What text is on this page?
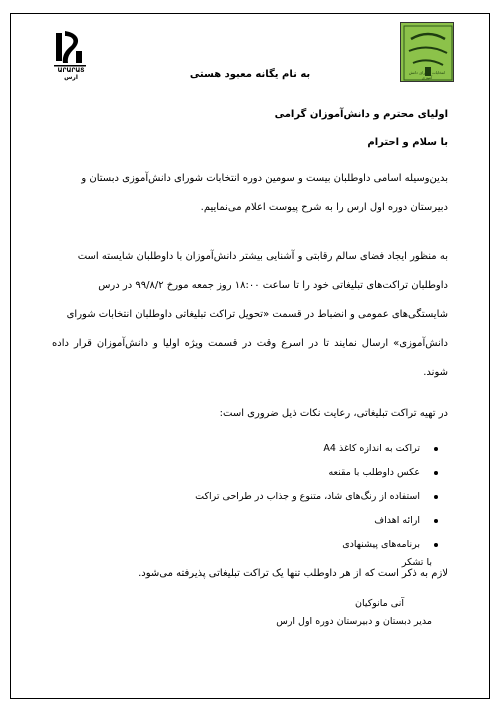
ԱՐԱՐԱՏ ارس
انتخابات شورای دانش آموزی
به نام یگانه معبود هستی

اولیای محترم و دانش‌آموزان گرامی

با سلام و احترام

بدین‌وسیله اسامی داوطلبان بیست و سومین دوره انتخابات شورای دانش‌آموزی دبستان و
دبیرستان دوره اول ارس را به شرح پیوست اعلام می‌نماییم.
به منظور ایجاد فضای سالم رقابتی و آشنایی بیشتر دانش‌آموزان با داوطلبان شایسته است
داوطلبان تراکت‌های تبلیغاتی خود را تا ساعت ۱۸:۰۰ روز جمعه مورخ ۹۹/۸/۲ در درس
شایستگی‌های عمومی و انضباط در قسمت «تحویل تراکت تبلیغاتی داوطلبان انتخابات شورای
دانش‌آموزی» ارسال نمایند تا در اسرع وقت در قسمت ویژه اولیا و دانش‌آموزان قرار داده شوند.

در تهیه تراکت تبلیغاتی، رعایت نکات ذیل ضروری است:

تراکت به اندازه کاغذ A4
عکس داوطلب با مقنعه
استفاده از رنگ‌های شاد، متنوع و جذاب در طراحی تراکت
ارائه اهداف
برنامه‌های پیشنهادی

لازم به ذکر است که از هر داوطلب تنها یک تراکت تبلیغاتی پذیرفته می‌شود.

با تشکر
آنی مانوکیان
مدیر دبستان و دبیرستان دوره اول ارس
